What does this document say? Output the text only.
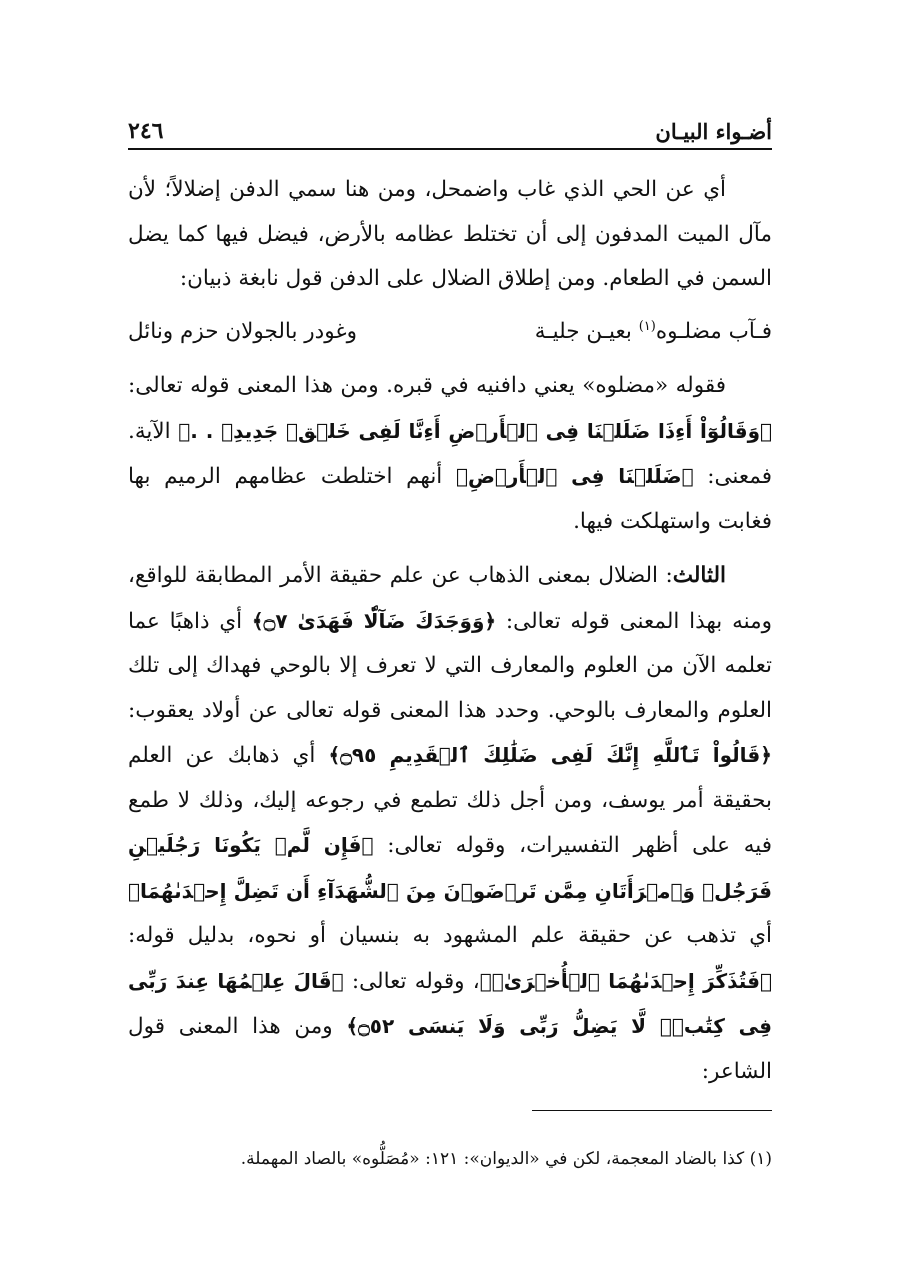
أضـواء البيـان
٢٤٦

أي عن الحي الذي غاب واضمحل، ومن هنا سمي الدفن إضلالاً؛ لأن مآل الميت المدفون إلى أن تختلط عظامه بالأرض، فيضل فيها كما يضل السمن في الطعام. ومن إطلاق الضلال على الدفن قول نابغة ذبيان:

فـآب مضلـوه$^{(١)}$ بعيـن جليـة
وغودر بالجولان حزم ونائل

فقوله «مضلوه» يعني دافنيه في قبره. ومن هذا المعنى قوله تعالى: ﴿وَقَالُوٓاْ أَءِذَا ضَلَلۡنَا فِى ٱلۡأَرۡضِ أَءِنَّا لَفِى خَلۡقٖ جَدِيدِۭ . .﴾ الآية. فمعنى: ﴿ضَلَلۡنَا فِى ٱلۡأَرۡضِ﴾ أنهم اختلطت عظامهم الرميم بها فغابت واستهلكت فيها.

الثالث: الضلال بمعنى الذهاب عن علم حقيقة الأمر المطابقة للواقع، ومنه بهذا المعنى قوله تعالى: ﴿وَوَجَدَكَ ضَآلّٗا فَهَدَىٰ ۝٧﴾ أي ذاهبًا عما تعلمه الآن من العلوم والمعارف التي لا تعرف إلا بالوحي فهداك إلى تلك العلوم والمعارف بالوحي. وحدد هذا المعنى قوله تعالى عن أولاد يعقوب: ﴿قَالُواْ تَٱللَّهِ إِنَّكَ لَفِى ضَلَٰلِكَ ٱلۡقَدِيمِ ۝٩٥﴾ أي ذهابك عن العلم بحقيقة أمر يوسف، ومن أجل ذلك تطمع في رجوعه إليك، وذلك لا طمع فيه على أظهر التفسيرات، وقوله تعالى: ﴿فَإِن لَّمۡ يَكُونَا رَجُلَيۡنِ فَرَجُلٞ وَٱمۡرَأَتَانِ مِمَّن تَرۡضَوۡنَ مِنَ ٱلشُّهَدَآءِ أَن تَضِلَّ إِحۡدَىٰهُمَا﴾ أي تذهب عن حقيقة علم المشهود به بنسيان أو نحوه، بدليل قوله: ﴿فَتُذَكِّرَ إِحۡدَىٰهُمَا ٱلۡأُخۡرَىٰۚ﴾، وقوله تعالى: ﴿قَالَ عِلۡمُهَا عِندَ رَبِّى فِى كِتَٰبٖۖ لَّا يَضِلُّ رَبِّى وَلَا يَنسَى ۝٥٢﴾ ومن هذا المعنى قول الشاعر:

(١) كذا بالضاد المعجمة، لكن في «الديوان»: ١٢١: «مُصَلُّوه» بالصاد المهملة.
